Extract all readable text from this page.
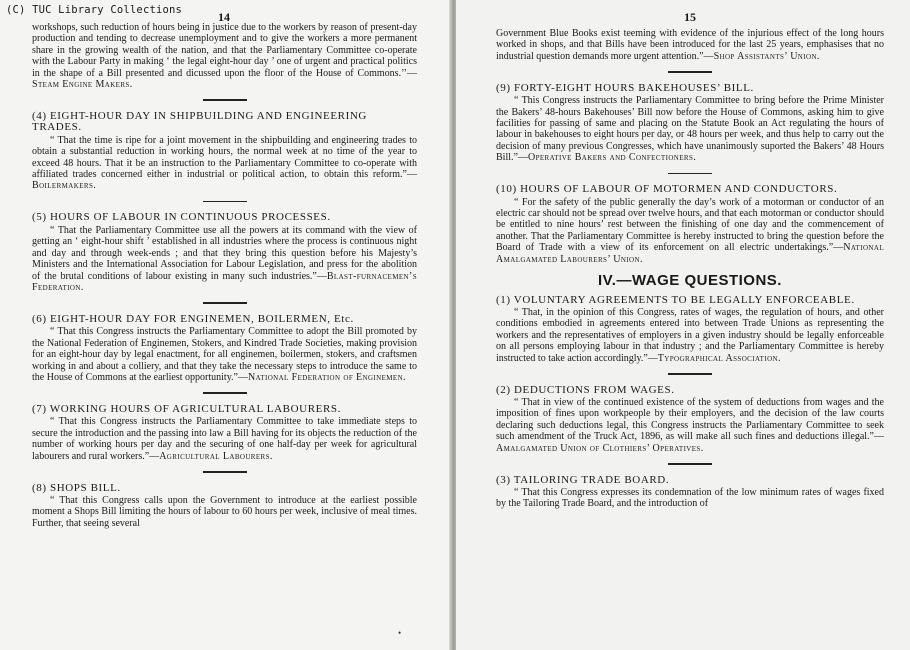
(C) TUC Library Collections	14

workshops, such reduction of hours being in justice due to the workers by reason of present-day production and tending to decrease unemployment and to give the workers a more permanent share in the growing wealth of the nation, and that the Parliamentary Committee co-operate with the Labour Party in making ‘ the legal eight-hour day ’ one of urgent and practical politics in the shape of a Bill presented and dicussed upon the floor of the House of Commons.’’—Steam Engine Makers.

(4) EIGHT-HOUR DAY IN SHIPBUILDING AND ENGINEERING TRADES.

“ That the time is ripe for a joint movement in the shipbuilding and engineering trades to obtain a substantial reduction in working hours, the normal week at no time of the year to exceed 48 hours. That it be an instruction to the Parliamentary Committee to co-operate with affiliated trades concerned either in industrial or political action, to obtain this reform.”—Boilermakers.

(5) HOURS OF LABOUR IN CONTINUOUS PROCESSES.

“ That the Parliamentary Committee use all the powers at its command with the view of getting an ‘ eight-hour shift ’ established in all industries where the process is continuous night and day and through week-ends ; and that they bring this question before his Majesty’s Ministers and the International Association for Labour Legislation, and press for the abolition of the brutal conditions of labour existing in many such industries.”—Blast-furnacemen’s Federation.

(6) EIGHT-HOUR DAY FOR ENGINEMEN, BOILERMEN, Etc.

“ That this Congress instructs the Parliamentary Committee to adopt the Bill promoted by the National Federation of Enginemen, Stokers, and Kindred Trade Societies, making provision for an eight-hour day by legal enactment, for all enginemen, boilermen, stokers, and craftsmen working in and about a colliery, and that they take the necessary steps to introduce the same to the House of Commons at the earliest opportunity.”—National Federation of Enginemen.

(7) WORKING HOURS OF AGRICULTURAL LABOURERS.

“ That this Congress instructs the Parliamentary Committee to take immediate steps to secure the introduction and the passing into law a Bill having for its objects the reduction of the number of working hours per day and the securing of one half-day per week for agricultural labourers and rural workers.”—Agricultural Labourers.

(8) SHOPS BILL.

“ That this Congress calls upon the Government to introduce at the earliest possible moment a Shops Bill limiting the hours of labour to 60 hours per week, inclusive of meal times. Further, that seeing several

•
15

Government Blue Books exist teeming with evidence of the injurious effect of the long hours worked in shops, and that Bills have been introduced for the last 25 years, emphasises that no industrial question demands more urgent attention.”—Shop Assistants’ Union.

(9) FORTY-EIGHT HOURS BAKEHOUSES’ BILL.

“ This Congress instructs the Parliamentary Committee to bring before the Prime Minister the Bakers’ 48-hours Bakehouses’ Bill now before the House of Commons, asking him to give facilities for passing of same and placing on the Statute Book an Act regulating the hours of labour in bakehouses to eight hours per day, or 48 hours per week, and thus help to carry out the decision of many previous Congresses, which have unanimously suported the Bakers’ 48 Hours Bill.”—Operative Bakers and Confectioners.

(10) HOURS OF LABOUR OF MOTORMEN AND CONDUCTORS.

“ For the safety of the public generally the day’s work of a motorman or conductor of an electric car should not be spread over twelve hours, and that each motorman or conductor should be entitled to nine hours’ rest between the finishing of one day and the commencement of another. That the Parliamentary Committee is hereby instructed to bring the question before the Board of Trade with a view of its enforcement on all electric undertakings.”—National Amalgamated Labourers’ Union.

IV.—WAGE QUESTIONS.

(1) VOLUNTARY AGREEMENTS TO BE LEGALLY ENFORCEABLE.

“ That, in the opinion of this Congress, rates of wages, the regulation of hours, and other conditions embodied in agreements entered into between Trade Unions as representing the workers and the representatives of employers in a given industry should be legally enforceable on all persons employing labour in that industry ; and the Parliamentary Committee is hereby instructed to take action accordingly.”—Typographical Association.

(2) DEDUCTIONS FROM WAGES.

“ That in view of the continued existence of the system of deductions from wages and the imposition of fines upon workpeople by their employers, and the decision of the law courts declaring such deductions legal, this Congress instructs the Parliamentary Committee to seek such amendment of the Truck Act, 1896, as will make all such fines and deductions illegal.”—Amalgamated Union of Clothiers’ Operatives.

(3) TAILORING TRADE BOARD.

“ That this Congress expresses its condemnation of the low minimum rates of wages fixed by the Tailoring Trade Board, and the introduction of
